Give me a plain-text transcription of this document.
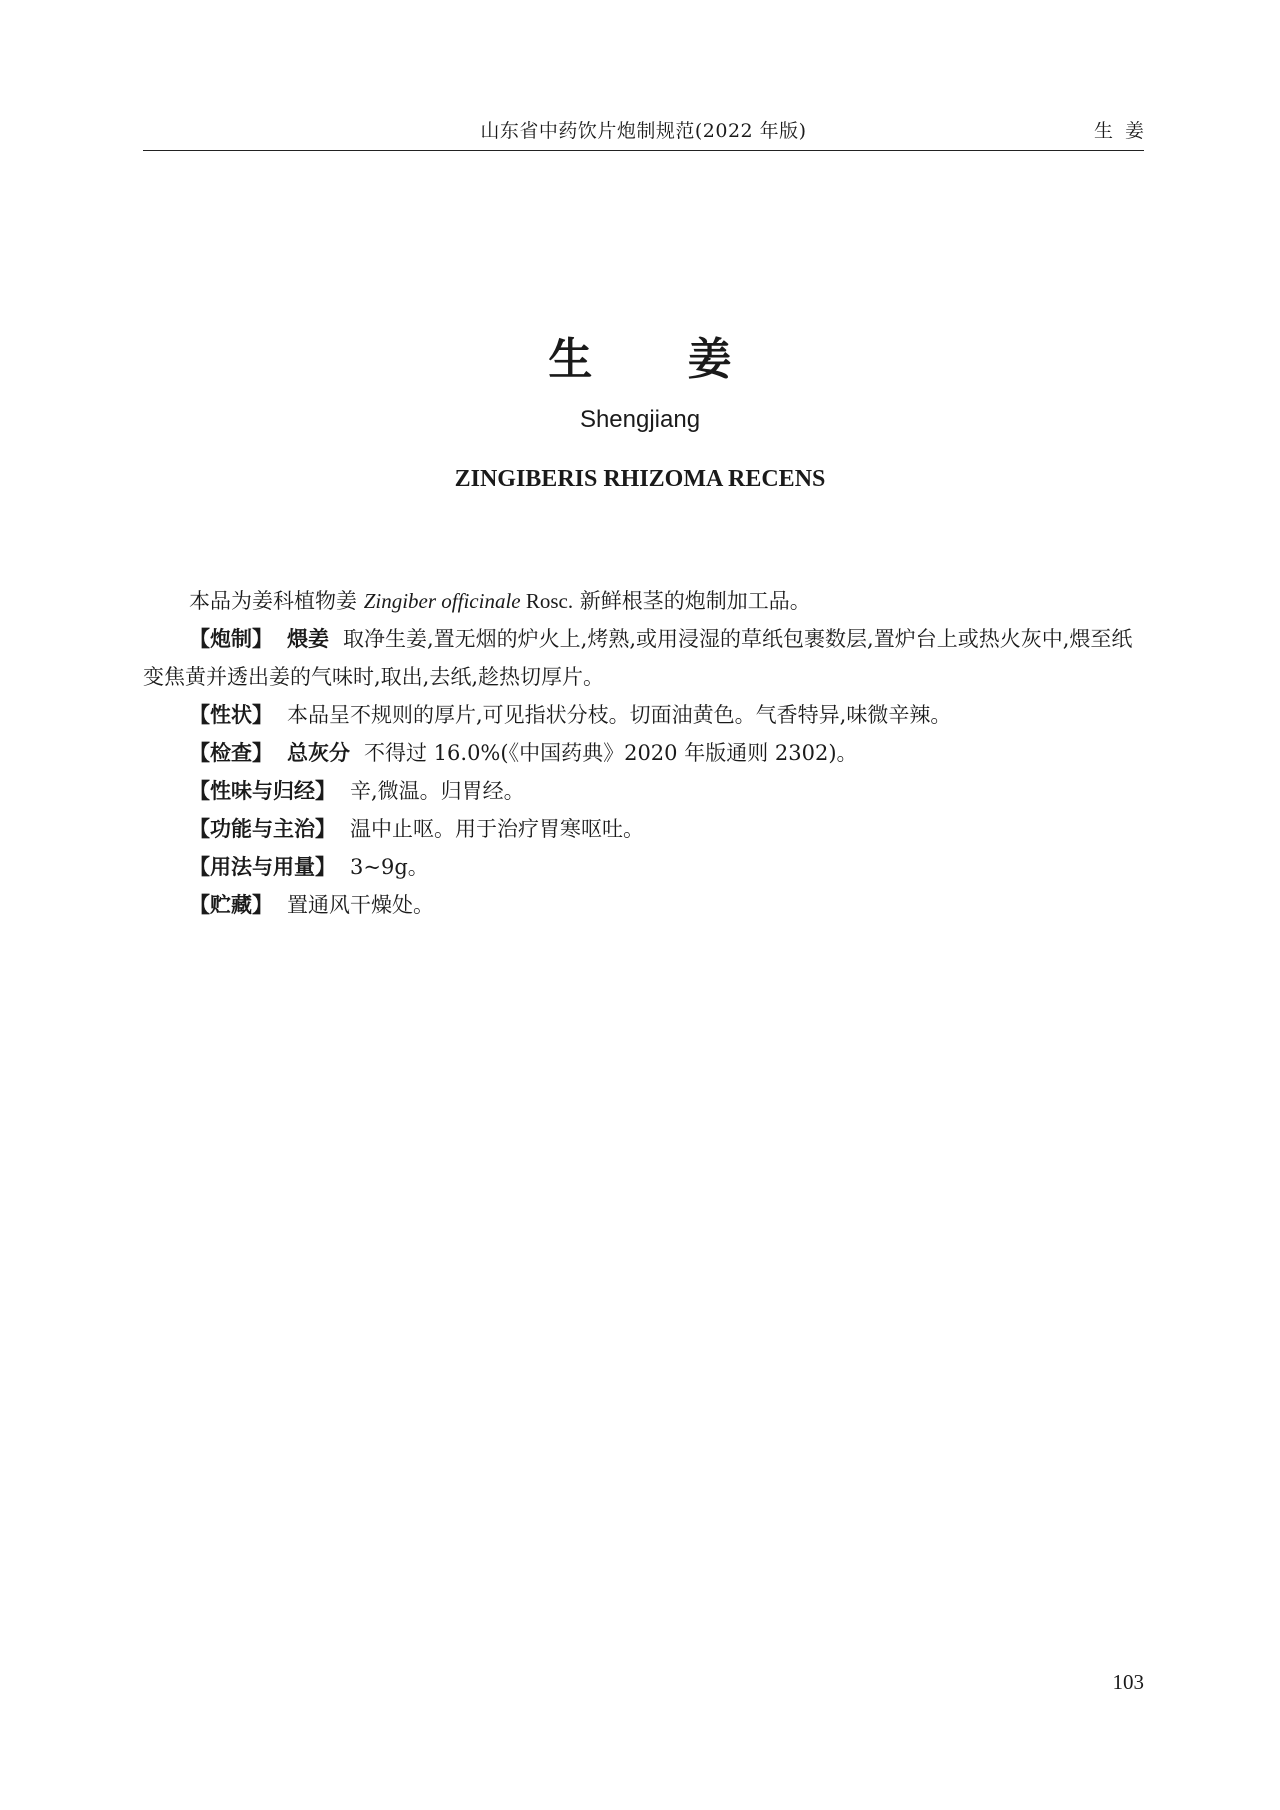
山东省中药饮片炮制规范(2022 年版)	生姜
生 姜
Shengjiang
ZINGIBERIS RHIZOMA RECENS

本品为姜科植物姜 Zingiber officinale Rosc. 新鲜根茎的炮制加工品。

【炮制】 煨姜 取净生姜,置无烟的炉火上,烤熟,或用浸湿的草纸包裹数层,置炉台上或热火灰中,煨至纸变焦黄并透出姜的气味时,取出,去纸,趁热切厚片。

【性状】 本品呈不规则的厚片,可见指状分枝。切面油黄色。气香特异,味微辛辣。

【检查】 总灰分 不得过 16.0%(《中国药典》2020 年版通则 2302)。

【性味与归经】 辛,微温。归胃经。

【功能与主治】 温中止呕。用于治疗胃寒呕吐。

【用法与用量】 3~9g。

【贮藏】 置通风干燥处。

103
